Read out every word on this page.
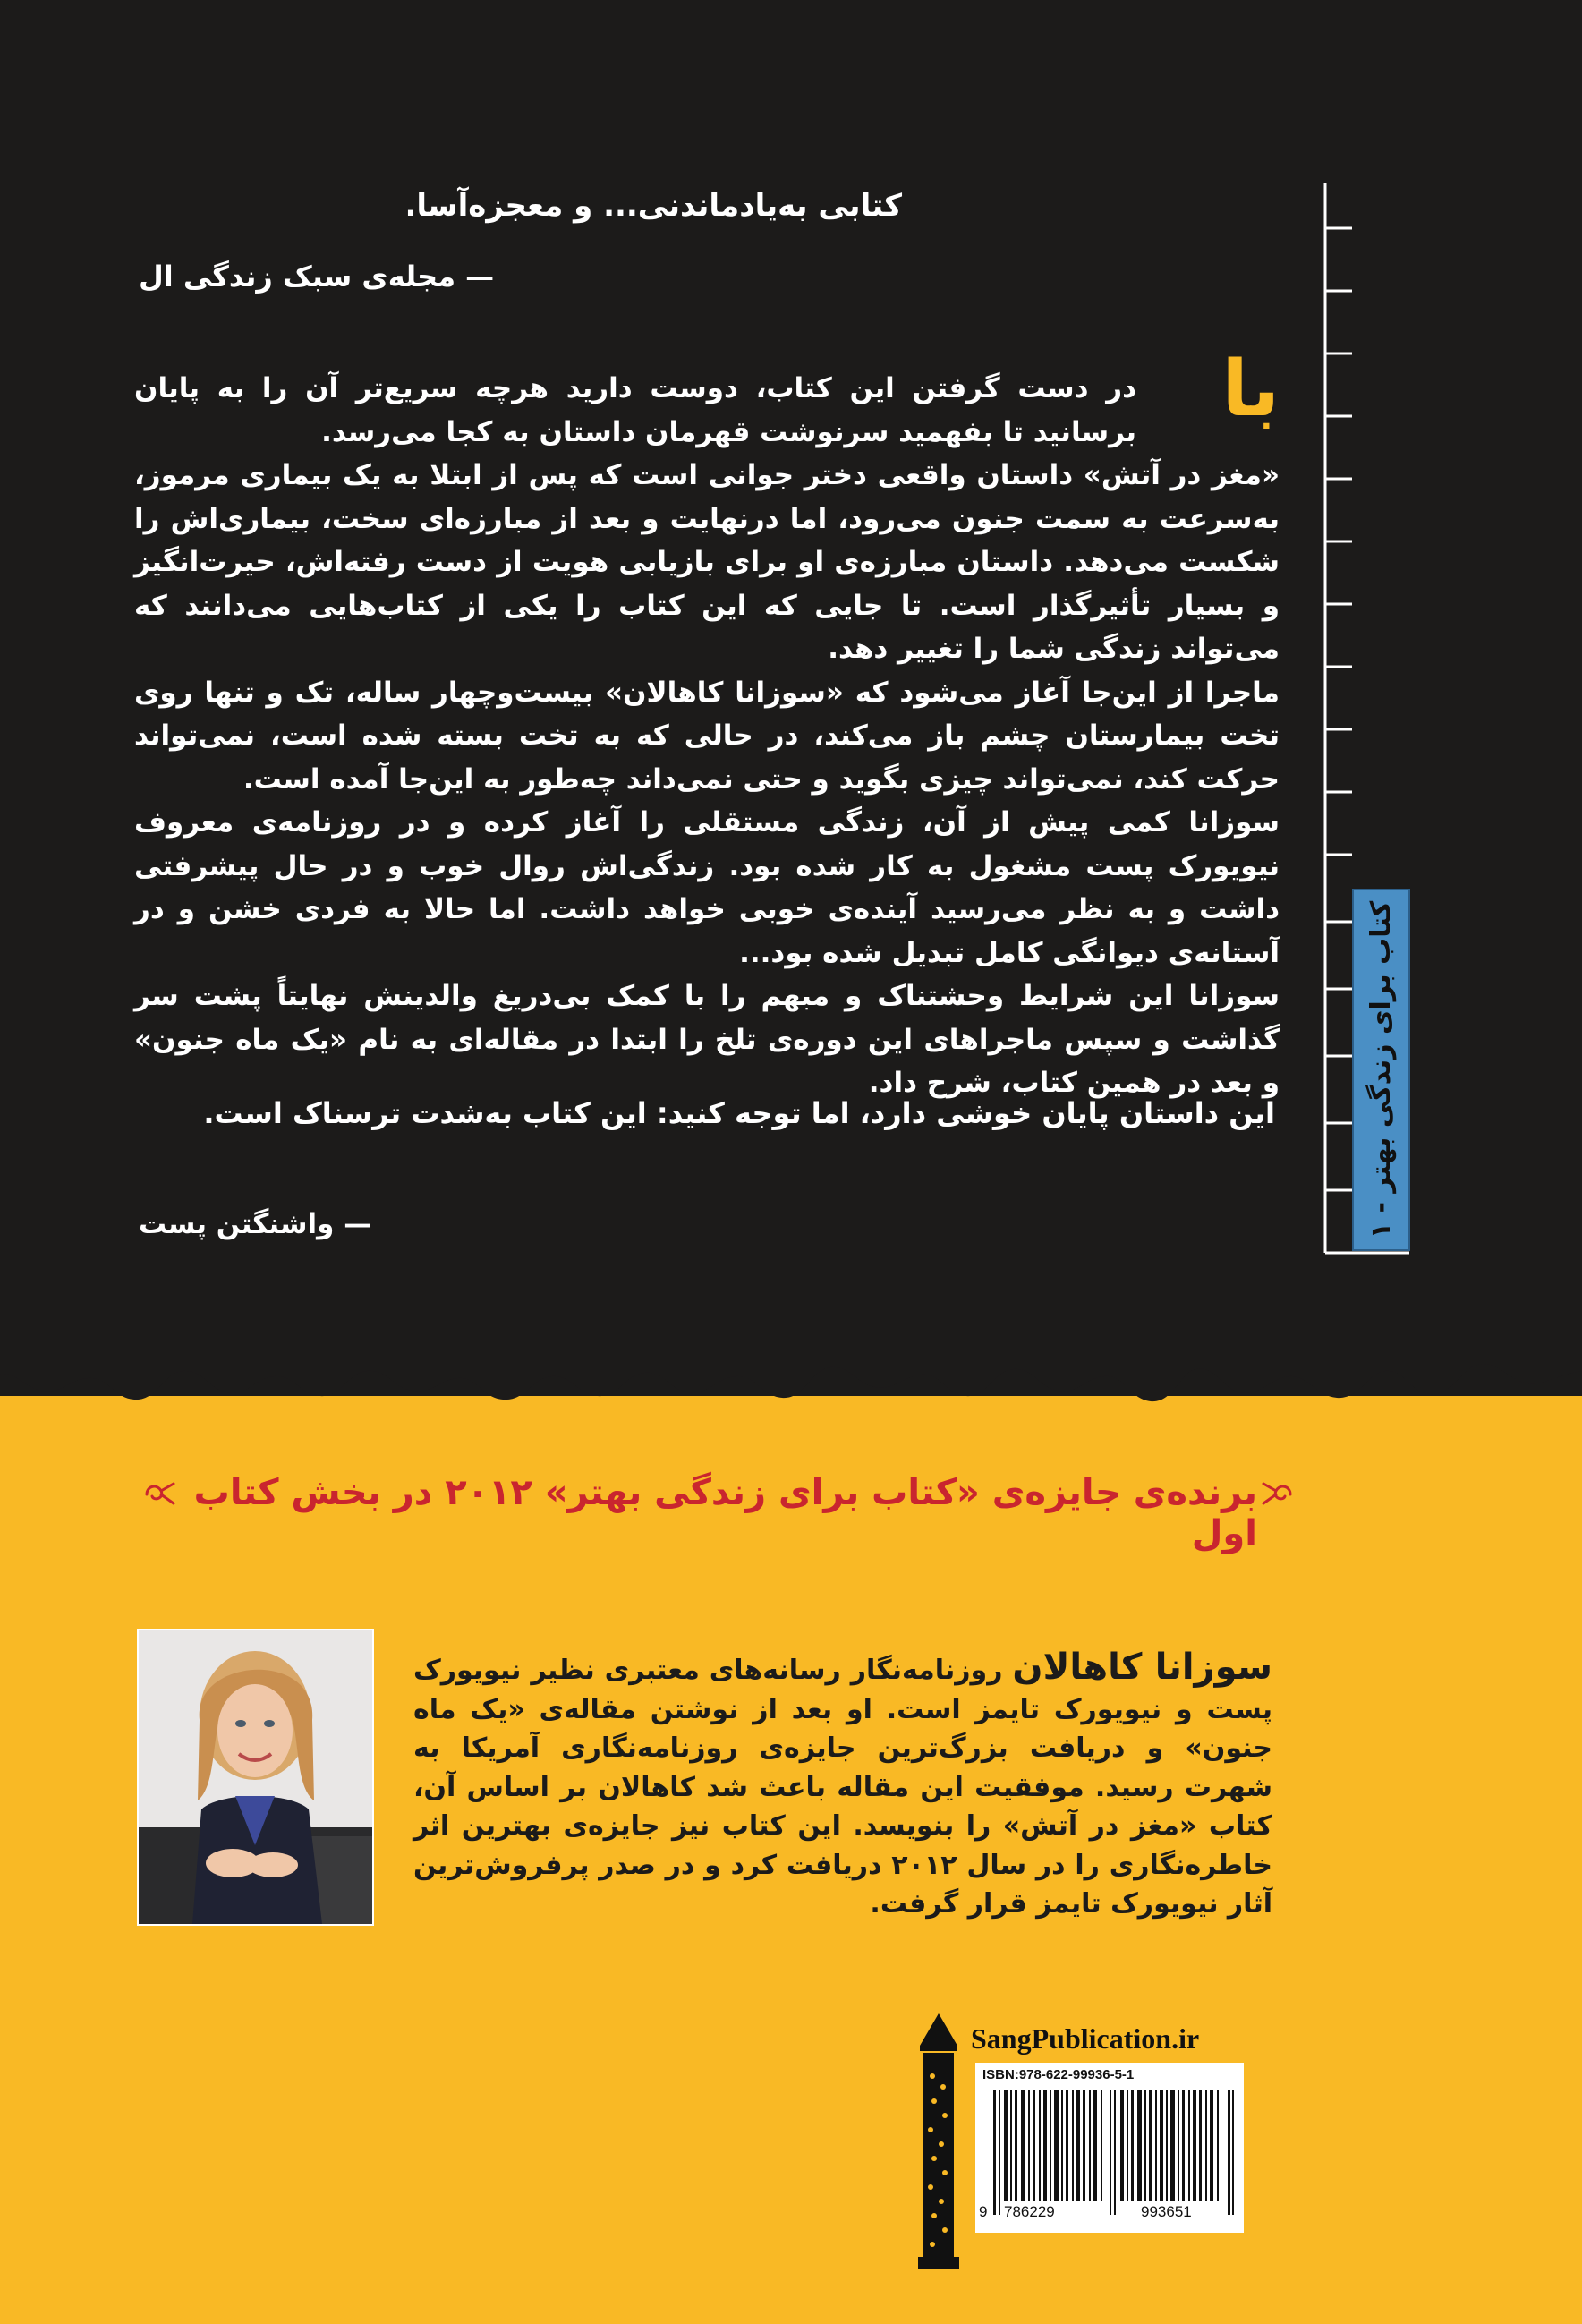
کتابی به‌یادماندنی... و معجزه‌آسا.
— مجله‌ی سبک زندگی ال
با

در دست گرفتن این کتاب، دوست دارید هرچه سریع‌تر آن را به پایان برسانید تا بفهمید سرنوشت قهرمان داستان به کجا می‌رسد.

«مغز در آتش» داستان واقعی دختر جوانی است که پس از ابتلا به یک بیماری مرموز، به‌سرعت به سمت جنون می‌رود، اما درنهایت و بعد از مبارزه‌ای سخت، بیماری‌اش را شکست می‌دهد. داستان مبارزه‌ی او برای بازیابی هویت از دست رفته‌اش، حیرت‌انگیز و بسیار تأثیرگذار است. تا جایی که این کتاب را یکی از کتاب‌هایی می‌دانند که می‌تواند زندگی شما را تغییر دهد.

ماجرا از این‌جا آغاز می‌شود که «سوزانا کاهالان» بیست‌وچهار ساله، تک و تنها روی تخت بیمارستان چشم باز می‌کند، در حالی که به تخت بسته شده است، نمی‌تواند حرکت کند، نمی‌تواند چیزی بگوید و حتی نمی‌داند چه‌طور به این‌جا آمده است.

سوزانا کمی پیش از آن، زندگی مستقلی را آغاز کرده و در روزنامه‌ی معروف نیویورک پست مشغول به کار شده بود. زندگی‌اش روال خوب و در حال پیشرفتی داشت و به نظر می‌رسید آینده‌ی خوبی خواهد داشت. اما حالا به فردی خشن و در آستانه‌ی دیوانگی کامل تبدیل شده بود...

سوزانا این شرایط وحشتناک و مبهم را با کمک بی‌دریغ والدینش نهایتاً پشت سر گذاشت و سپس ماجراهای این دوره‌ی تلخ را ابتدا در مقاله‌ای به نام «یک ماه جنون» و بعد در همین کتاب، شرح داد.

این داستان پایان خوشی دارد، اما توجه کنید: این کتاب به‌شدت ترسناک است.
— واشنگتن پست	کتاب برای زندگی بهتر - ۱
برنده‌ی جایزه‌ی «کتاب برای زندگی بهتر» ۲۰۱۲ در بخش کتاب اول
سوزانا کاهالان روزنامه‌نگار رسانه‌های معتبری نظیر نیویورک پست و نیویورک تایمز است. او بعد از نوشتن مقاله‌ی «یک ماه جنون» و دریافت بزرگ‌ترین جایزه‌ی روزنامه‌نگاری آمریکا به شهرت رسید. موفقیت این مقاله باعث شد کاهالان بر اساس آن، کتاب «مغز در آتش» را بنویسد. این کتاب نیز جایزه‌ی بهترین اثر خاطره‌نگاری را در سال ۲۰۱۲ دریافت کرد و در صدر پرفروش‌ترین آثار نیویورک تایمز قرار گرفت.
SangPublication.ir
ISBN:978-622-99936-5-1
9 786229	993651
